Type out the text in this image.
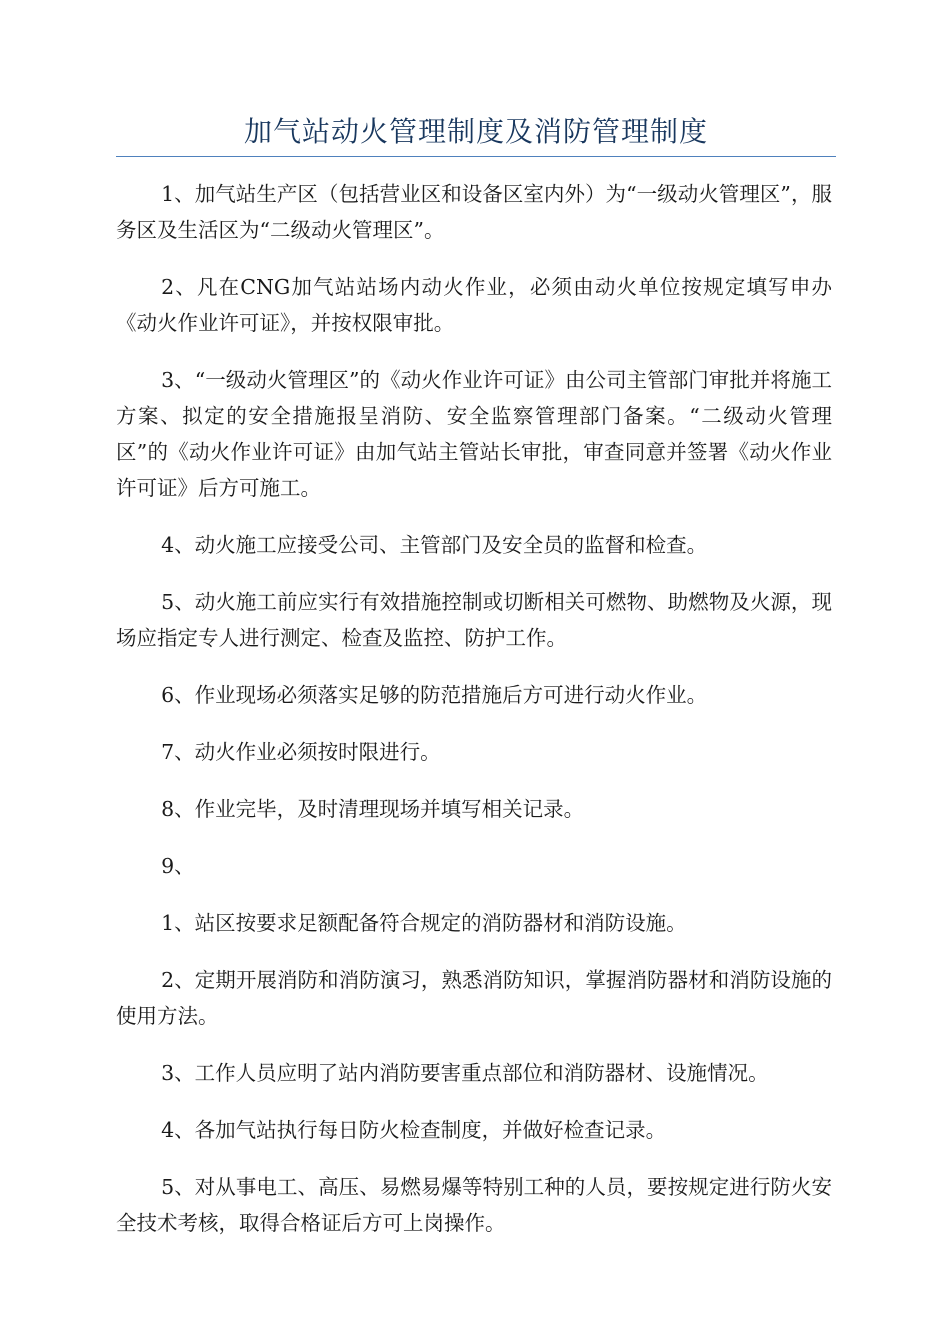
加气站动火管理制度及消防管理制度

1、加气站生产区（包括营业区和设备区室内外）为“一级动火管理区”，服务区及生活区为“二级动火管理区”。

2、凡在CNG加气站站场内动火作业，必须由动火单位按规定填写申办《动火作业许可证》，并按权限审批。

3、“一级动火管理区”的《动火作业许可证》由公司主管部门审批并将施工方案、拟定的安全措施报呈消防、安全监察管理部门备案。“二级动火管理区”的《动火作业许可证》由加气站主管站长审批，审查同意并签署《动火作业许可证》后方可施工。

4、动火施工应接受公司、主管部门及安全员的监督和检查。

5、动火施工前应实行有效措施控制或切断相关可燃物、助燃物及火源，现场应指定专人进行测定、检查及监控、防护工作。

6、作业现场必须落实足够的防范措施后方可进行动火作业。

7、动火作业必须按时限进行。

8、作业完毕，及时清理现场并填写相关记录。

9、

1、站区按要求足额配备符合规定的消防器材和消防设施。

2、定期开展消防和消防演习，熟悉消防知识，掌握消防器材和消防设施的使用方法。

3、工作人员应明了站内消防要害重点部位和消防器材、设施情况。

4、各加气站执行每日防火检查制度，并做好检查记录。

5、对从事电工、高压、易燃易爆等特别工种的人员，要按规定进行防火安全技术考核，取得合格证后方可上岗操作。
